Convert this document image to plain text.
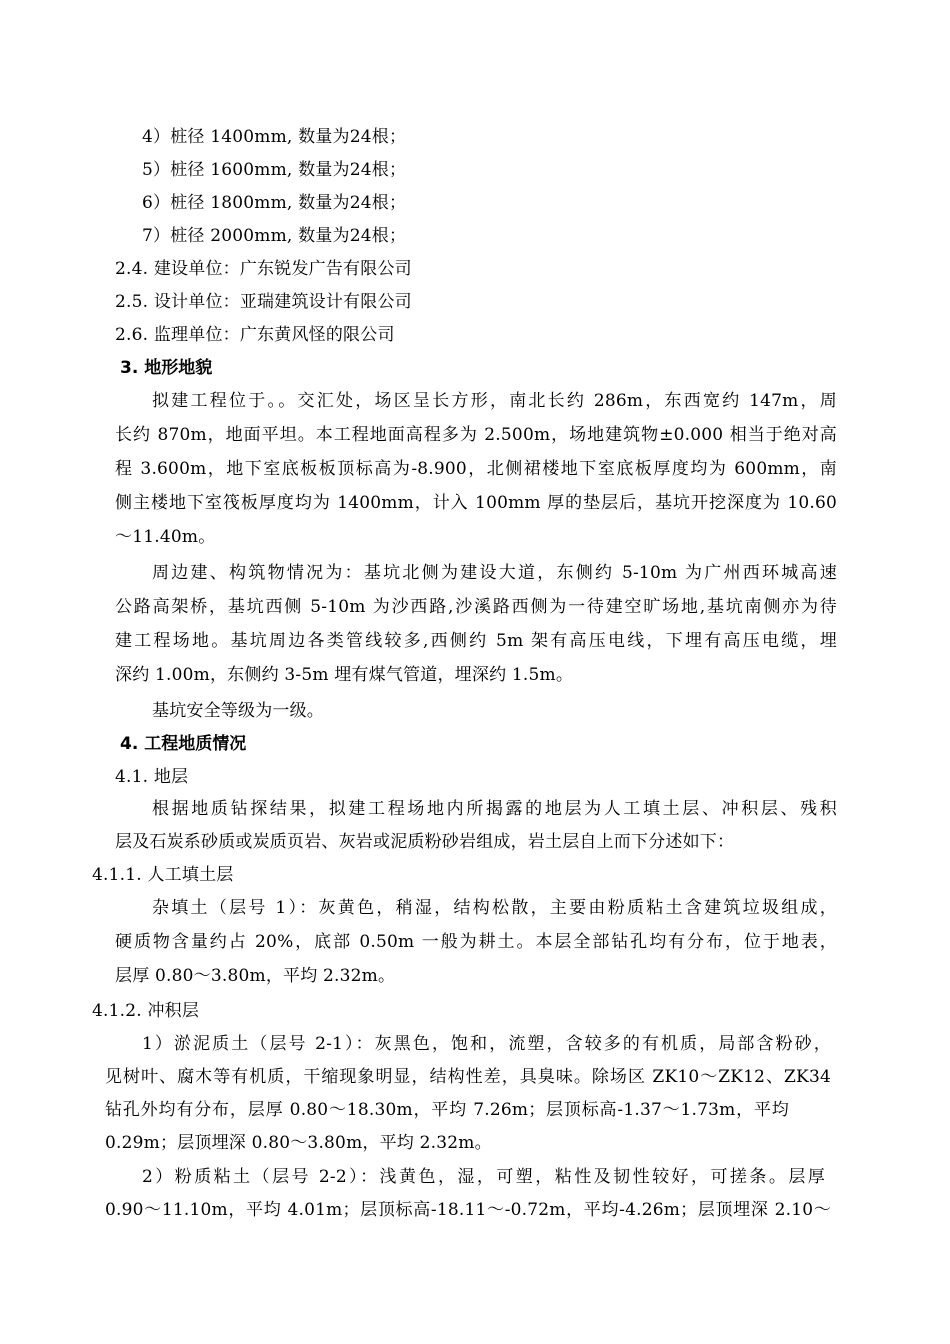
4）桩径 1400mm, 数量为24根；
5）桩径 1600mm, 数量为24根；
6）桩径 1800mm, 数量为24根；
7）桩径 2000mm, 数量为24根；
2.4. 建设单位：广东锐发广告有限公司
2.5. 设计单位：亚瑞建筑设计有限公司
2.6. 监理单位：广东黄风怪的限公司
3. 地形地貌
拟建工程位于。。交汇处，场区呈长方形，南北长约 286m，东西宽约 147m，周
长约 870m，地面平坦。本工程地面高程多为 2.500m，场地建筑物±0.000 相当于绝对高
程 3.600m，地下室底板板顶标高为-8.900，北侧裙楼地下室底板厚度均为 600mm，南
侧主楼地下室筏板厚度均为 1400mm，计入 100mm 厚的垫层后，基坑开挖深度为 10.60
～11.40m。
周边建、构筑物情况为：基坑北侧为建设大道，东侧约 5-10m 为广州西环城高速
公路高架桥，基坑西侧 5-10m 为沙西路,沙溪路西侧为一待建空旷场地,基坑南侧亦为待
建工程场地。基坑周边各类管线较多,西侧约 5m 架有高压电线，下埋有高压电缆，埋
深约 1.00m，东侧约 3-5m 埋有煤气管道，埋深约 1.5m。
基坑安全等级为一级。
4. 工程地质情况
4.1. 地层
根据地质钻探结果，拟建工程场地内所揭露的地层为人工填土层、冲积层、残积
层及石炭系砂质或炭质页岩、灰岩或泥质粉砂岩组成，岩土层自上而下分述如下：
4.1.1. 人工填土层
杂填土（层号 1）：灰黄色，稍湿，结构松散，主要由粉质粘土含建筑垃圾组成，
硬质物含量约占 20%，底部 0.50m 一般为耕土。本层全部钻孔均有分布，位于地表，
层厚 0.80～3.80m，平均 2.32m。
4.1.2. 冲积层
1）淤泥质土（层号 2-1）：灰黑色，饱和，流塑，含较多的有机质，局部含粉砂，
见树叶、腐木等有机质，干缩现象明显，结构性差，具臭味。除场区 ZK10～ZK12、ZK34
钻孔外均有分布，层厚 0.80～18.30m，平均 7.26m；层顶标高-1.37～1.73m，平均
0.29m；层顶埋深 0.80～3.80m，平均 2.32m。
2）粉质粘土（层号 2-2）：浅黄色，湿，可塑，粘性及韧性较好，可搓条。层厚
0.90～11.10m，平均 4.01m；层顶标高-18.11～-0.72m，平均-4.26m；层顶埋深 2.10～
